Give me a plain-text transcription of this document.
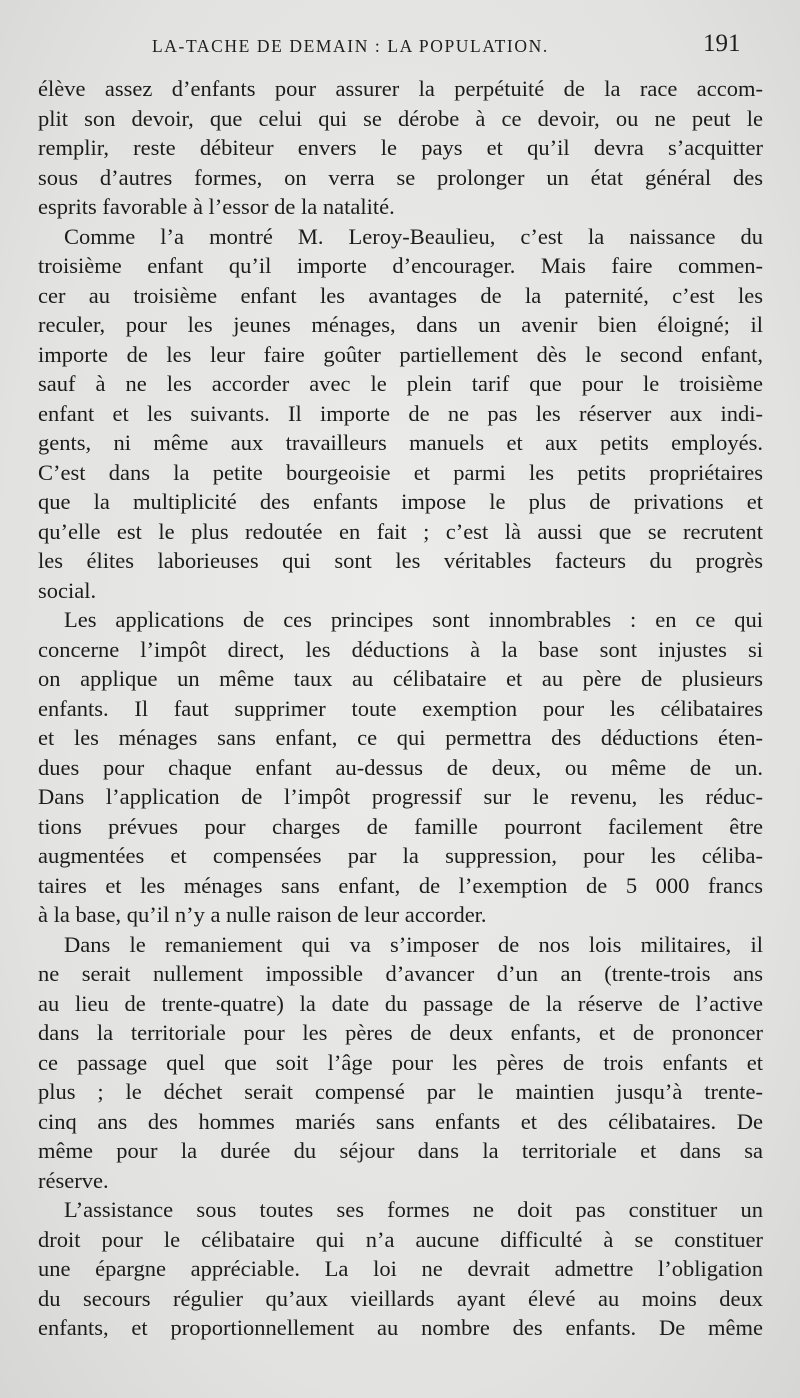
LA-TACHE DE DEMAIN : LA POPULATION.	191
élève assez d’enfants pour assurer la perpétuité de la race accom-
plit son devoir, que celui qui se dérobe à ce devoir, ou ne peut le
remplir, reste débiteur envers le pays et qu’il devra s’acquitter
sous d’autres formes, on verra se prolonger un état général des
esprits favorable à l’essor de la natalité.
Comme l’a montré M. Leroy-Beaulieu, c’est la naissance du
troisième enfant qu’il importe d’encourager. Mais faire commen-
cer au troisième enfant les avantages de la paternité, c’est les
reculer, pour les jeunes ménages, dans un avenir bien éloigné; il
importe de les leur faire goûter partiellement dès le second enfant,
sauf à ne les accorder avec le plein tarif que pour le troisième
enfant et les suivants. Il importe de ne pas les réserver aux indi-
gents, ni même aux travailleurs manuels et aux petits employés.
C’est dans la petite bourgeoisie et parmi les petits propriétaires
que la multiplicité des enfants impose le plus de privations et
qu’elle est le plus redoutée en fait ; c’est là aussi que se recrutent
les élites laborieuses qui sont les véritables facteurs du progrès
social.
Les applications de ces principes sont innombrables : en ce qui
concerne l’impôt direct, les déductions à la base sont injustes si
on applique un même taux au célibataire et au père de plusieurs
enfants. Il faut supprimer toute exemption pour les célibataires
et les ménages sans enfant, ce qui permettra des déductions éten-
dues pour chaque enfant au-dessus de deux, ou même de un.
Dans l’application de l’impôt progressif sur le revenu, les réduc-
tions prévues pour charges de famille pourront facilement être
augmentées et compensées par la suppression, pour les céliba-
taires et les ménages sans enfant, de l’exemption de 5 000 francs
à la base, qu’il n’y a nulle raison de leur accorder.
Dans le remaniement qui va s’imposer de nos lois militaires, il
ne serait nullement impossible d’avancer d’un an (trente-trois ans
au lieu de trente-quatre) la date du passage de la réserve de l’active
dans la territoriale pour les pères de deux enfants, et de prononcer
ce passage quel que soit l’âge pour les pères de trois enfants et
plus ; le déchet serait compensé par le maintien jusqu’à trente-
cinq ans des hommes mariés sans enfants et des célibataires. De
même pour la durée du séjour dans la territoriale et dans sa
réserve.
L’assistance sous toutes ses formes ne doit pas constituer un
droit pour le célibataire qui n’a aucune difficulté à se constituer
une épargne appréciable. La loi ne devrait admettre l’obligation
du secours régulier qu’aux vieillards ayant élevé au moins deux
enfants, et proportionnellement au nombre des enfants. De même
